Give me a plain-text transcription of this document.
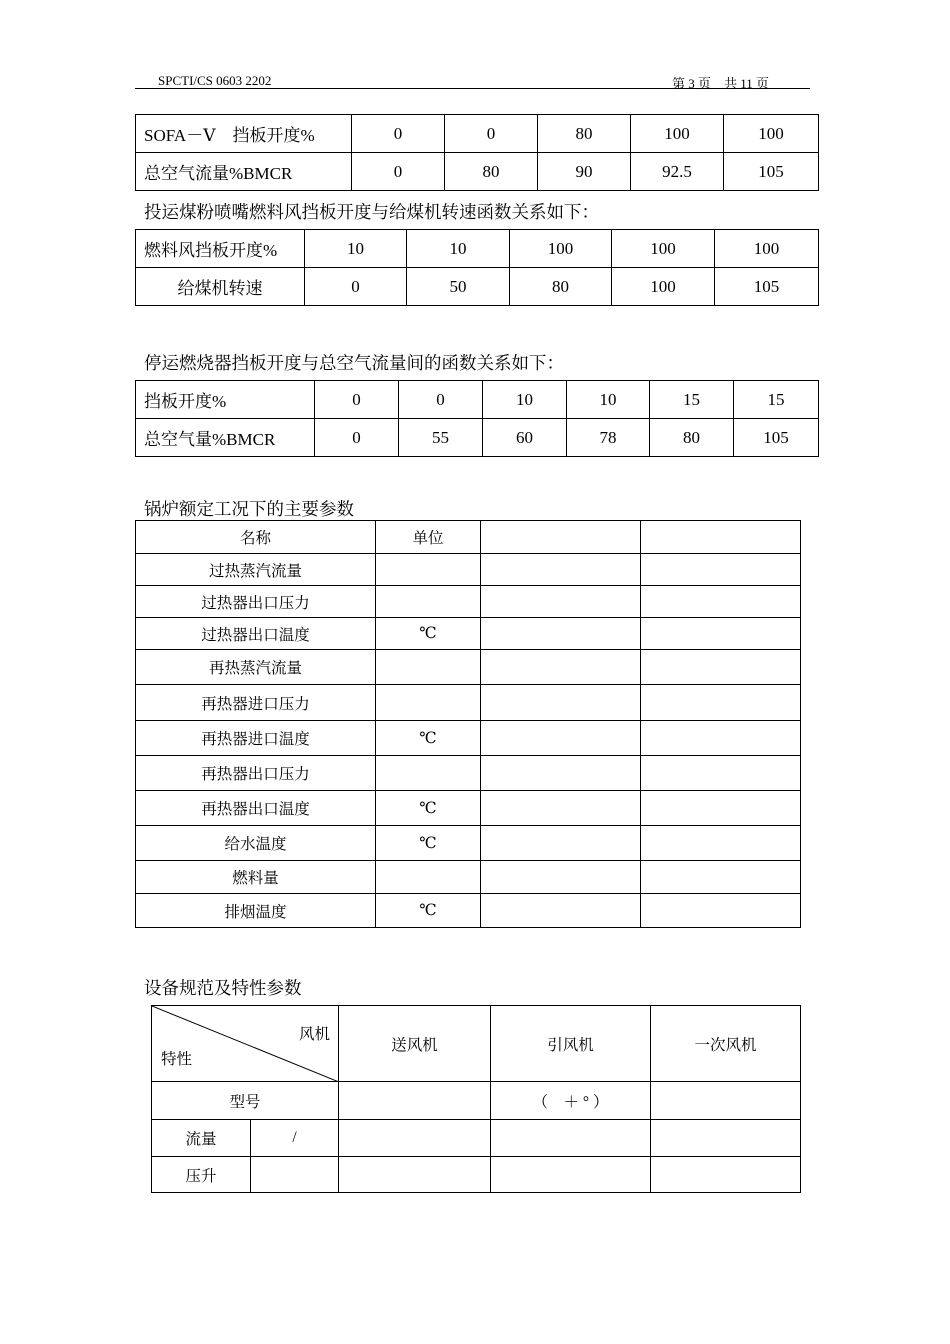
SPCTI/CS 0603 2202	第 3 页　共 11 页
SOFA－Ⅴ　挡板开度%	0	0	80	100	100
总空气流量%BMCR	0	80	90	92.5	105
投运煤粉喷嘴燃料风挡板开度与给煤机转速函数关系如下：
燃料风挡板开度%	10	10	100	100	100
给煤机转速	0	50	80	100	105
停运燃烧器挡板开度与总空气流量间的函数关系如下：
挡板开度%	0	0	10	10	15	15
总空气量%BMCR	0	55	60	78	80	105
锅炉额定工况下的主要参数
名称	单位		
过热蒸汽流量			
过热器出口压力			
过热器出口温度	℃		
再热蒸汽流量			
再热器进口压力			
再热器进口温度	℃		
再热器出口压力			
再热器出口温度	℃		
给水温度	℃		
燃料量			
排烟温度	℃		
设备规范及特性参数
风机
特性		送风机	引风机	一次风机
型号			（　＋ ° ）	
流量	/			
压升				
